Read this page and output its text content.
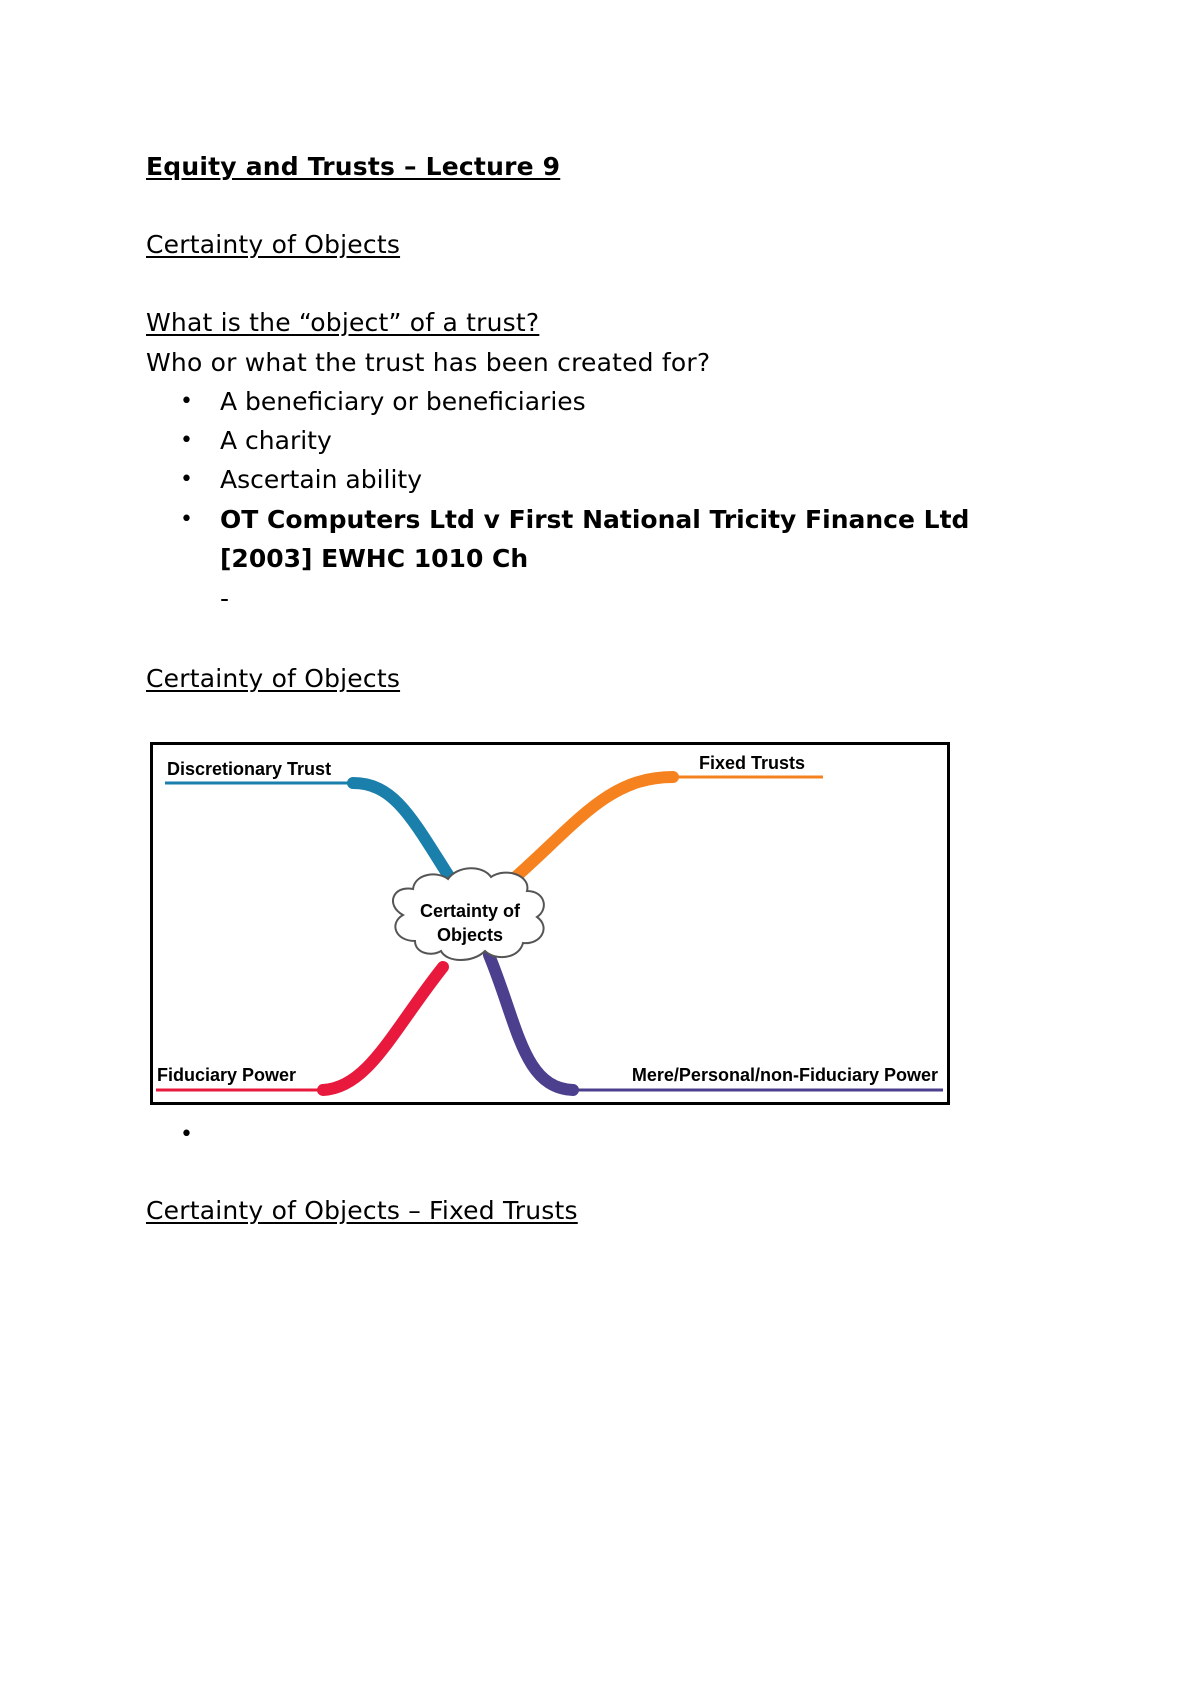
Equity and Trusts – Lecture 9
Certainty of Objects
What is the “object” of a trust?
Who or what the trust has been created for?
• A beneficiary or beneficiaries
• A charity
• Ascertain ability
• OT Computers Ltd v First National Tricity Finance Ltd
[2003] EWHC 1010 Ch
-
Certainty of Objects
Certainty of
Objects
Discretionary Trust	Fixed Trusts
Fiduciary Power	Mere/Personal/non-Fiduciary Power
•
Certainty of Objects – Fixed Trusts
